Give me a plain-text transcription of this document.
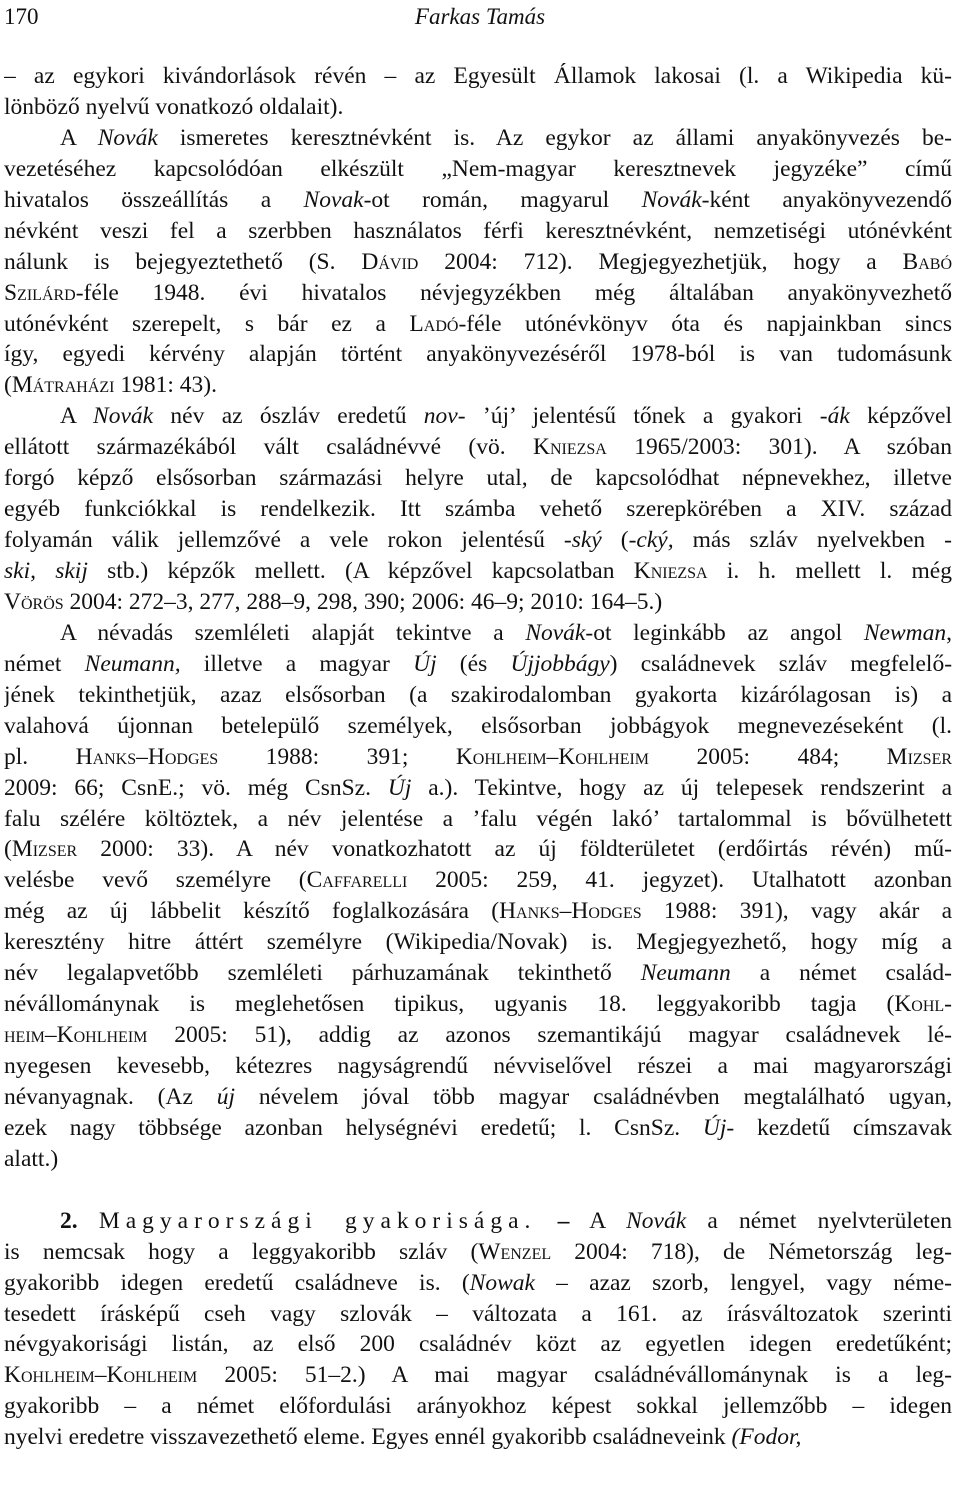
170	Farkas Tamás
– az egykori kivándorlások révén – az Egyesült Államok lakosai (l. a Wikipedia kü-
lönböző nyelvű vonatkozó oldalait).
A Novák ismeretes keresztnévként is. Az egykor az állami anyakönyvezés be-
vezetéséhez kapcsolódóan elkészült „Nem-magyar keresztnevek jegyzéke” című
hivatalos összeállítás a Novak-ot román, magyarul Novák-ként anyakönyvezendő
névként veszi fel a szerbben használatos férfi keresztnévként, nemzetiségi utónévként
nálunk is bejegyeztethető (S. Dávid 2004: 712). Megjegyezhetjük, hogy a Babó
Szilárd-féle 1948. évi hivatalos névjegyzékben még általában anyakönyvezhető
utónévként szerepelt, s bár ez a Ladó-féle utónévkönyv óta és napjainkban sincs
így, egyedi kérvény alapján történt anyakönyvezéséről 1978-ból is van tudomásunk
(Mátraházi 1981: 43).
A Novák név az ószláv eredetű nov- ’új’ jelentésű tőnek a gyakori -ák képzővel
ellátott származékából vált családnévvé (vö. Kniezsa 1965/2003: 301). A szóban
forgó képző elsősorban származási helyre utal, de kapcsolódhat népnevekhez, illetve
egyéb funkciókkal is rendelkezik. Itt számba vehető szerepkörében a XIV. század
folyamán válik jellemzővé a vele rokon jelentésű -ský (-cký, más szláv nyelvekben -
ski, skij stb.) képzők mellett. (A képzővel kapcsolatban Kniezsa i. h. mellett l. még
Vörös 2004: 272–3, 277, 288–9, 298, 390; 2006: 46–9; 2010: 164–5.)
A névadás szemléleti alapját tekintve a Novák-ot leginkább az angol Newman,
német Neumann, illetve a magyar Új (és Újjobbágy) családnevek szláv megfelelő-
jének tekinthetjük, azaz elsősorban (a szakirodalomban gyakorta kizárólagosan is) a
valahová újonnan betelepülő személyek, elsősorban jobbágyok megnevezéseként (l.
pl. Hanks–Hodges 1988: 391; Kohlheim–Kohlheim 2005: 484; Mizser
2009: 66; CsnE.; vö. még CsnSz. Új a.). Tekintve, hogy az új telepesek rendszerint a
falu szélére költöztek, a név jelentése a ’falu végén lakó’ tartalommal is bővülhetett
(Mizser 2000: 33). A név vonatkozhatott az új földterületet (erdőirtás révén) mű-
velésbe vevő személyre (Caffarelli 2005: 259, 41. jegyzet). Utalhatott azonban
még az új lábbelit készítő foglalkozására (Hanks–Hodges 1988: 391), vagy akár a
keresztény hitre áttért személyre (Wikipedia/Novak) is. Megjegyezhető, hogy míg a
név legalapvetőbb szemléleti párhuzamának tekinthető Neumann a német család-
névállománynak is meglehetősen tipikus, ugyanis 18. leggyakoribb tagja (Kohl-
heim–Kohlheim 2005: 51), addig az azonos szemantikájú magyar családnevek lé-
nyegesen kevesebb, kétezres nagyságrendű névviselővel részei a mai magyarországi
névanyagnak. (Az új névelem jóval több magyar családnévben megtalálható ugyan,
ezek nagy többsége azonban helységnévi eredetű; l. CsnSz. Új- kezdetű címszavak
alatt.)
2. Magyarországi gyakorisága. – A Novák a német nyelvterületen
is nemcsak hogy a leggyakoribb szláv (Wenzel 2004: 718), de Németország leg-
gyakoribb idegen eredetű családneve is. (Nowak – azaz szorb, lengyel, vagy néme-
tesedett írásképű cseh vagy szlovák – változata a 161. az írásváltozatok szerinti
névgyakorisági listán, az első 200 családnév közt az egyetlen idegen eredetűként;
Kohlheim–Kohlheim 2005: 51–2.) A mai magyar családnévállománynak is a leg-
gyakoribb – a német előfordulási arányokhoz képest sokkal jellemzőbb – idegen
nyelvi eredetre visszavezethető eleme. Egyes ennél gyakoribb családneveink (Fodor,
